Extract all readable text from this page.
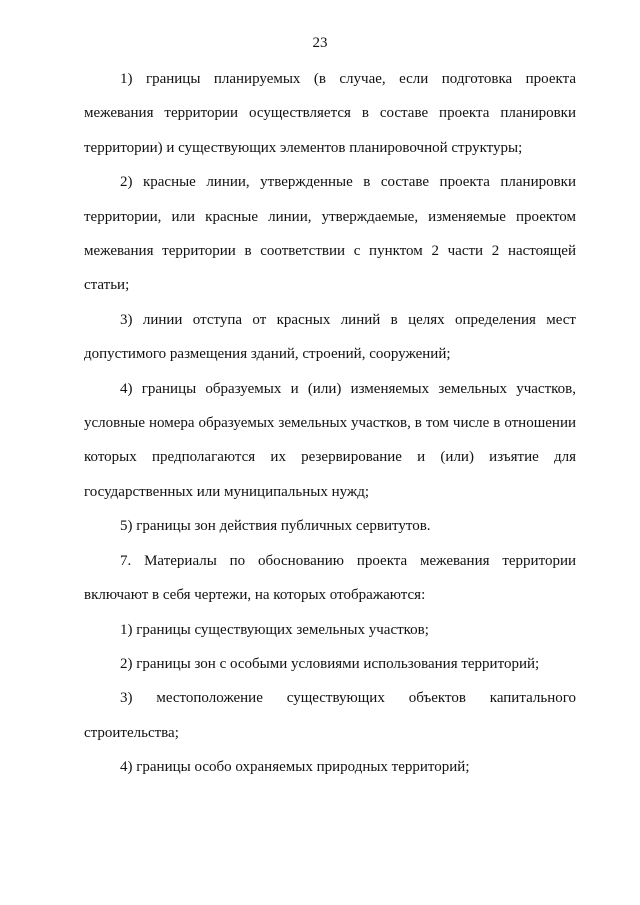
23

1) границы планируемых (в случае, если подготовка проекта межевания территории осуществляется в составе проекта планировки территории) и существующих элементов планировочной структуры;

2) красные линии, утвержденные в составе проекта планировки территории, или красные линии, утверждаемые, изменяемые проектом межевания территории в соответствии с пунктом 2 части 2 настоящей статьи;

3) линии отступа от красных линий в целях определения мест допустимого размещения зданий, строений, сооружений;

4) границы образуемых и (или) изменяемых земельных участков, условные номера образуемых земельных участков, в том числе в отношении которых предполагаются их резервирование и (или) изъятие для государственных или муниципальных нужд;

5) границы зон действия публичных сервитутов.

7. Материалы по обоснованию проекта межевания территории включают в себя чертежи, на которых отображаются:

1) границы существующих земельных участков;

2) границы зон с особыми условиями использования территорий;

3) местоположение существующих объектов капитального строительства;

4) границы особо охраняемых природных территорий;
